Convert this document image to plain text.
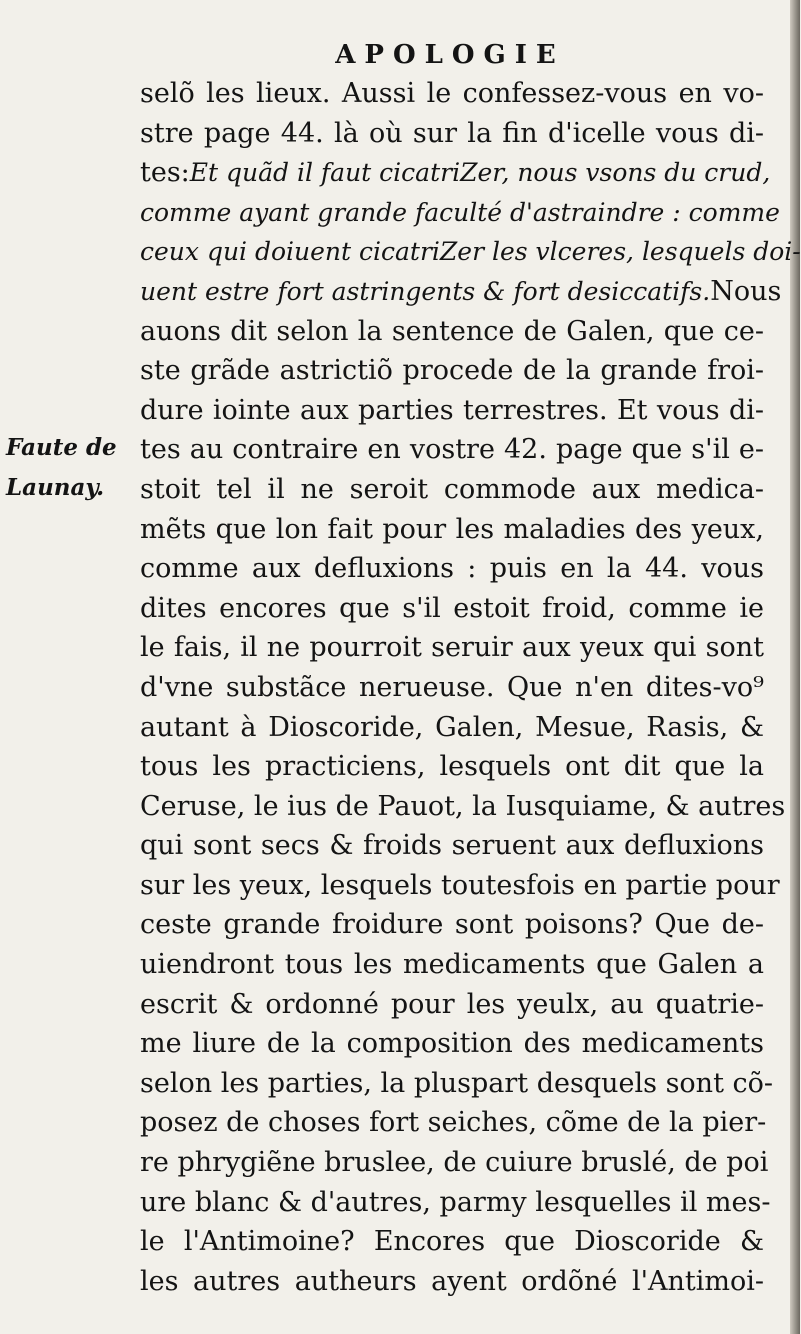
APOLOGIE
Faute de
Launay.
selõ les lieux. Aussi le confessez-vous en vo-
stre page 44. là où sur la fin d'icelle vous di-
tes:Et quãd il faut cicatriZer, nous vsons du crud,
comme ayant grande faculté d'astraindre : comme
ceux qui doiuent cicatriZer les vlceres, lesquels doi-
uent estre fort astringents & fort desiccatifs.Nous
auons dit selon la sentence de Galen, que ce-
ste grãde astrictiõ procede de la grande froi-
dure iointe aux parties terrestres. Et vous di-
tes au contraire en vostre 42. page que s'il e-
stoit tel il ne seroit commode aux medica-
mẽts que lon fait pour les maladies des yeux,
comme aux defluxions : puis en la 44. vous
dites encores que s'il estoit froid, comme ie
le fais, il ne pourroit seruir aux yeux qui sont
d'vne substãce nerueuse. Que n'en dites-vo⁹
autant à Dioscoride, Galen, Mesue, Rasis, &
tous les practiciens, lesquels ont dit que la
Ceruse, le ius de Pauot, la Iusquiame, & autres
qui sont secs & froids seruent aux defluxions
sur les yeux, lesquels toutesfois en partie pour
ceste grande froidure sont poisons? Que de-
uiendront tous les medicaments que Galen a
escrit & ordonné pour les yeulx, au quatrie-
me liure de la composition des medicaments
selon les parties, la pluspart desquels sont cõ-
posez de choses fort seiches, cõme de la pier-
re phrygiẽne bruslee, de cuiure bruslé, de poi
ure blanc & d'autres, parmy lesquelles il mes-
le l'Antimoine? Encores que Dioscoride &
les autres autheurs ayent ordõné l'Antimoi-
